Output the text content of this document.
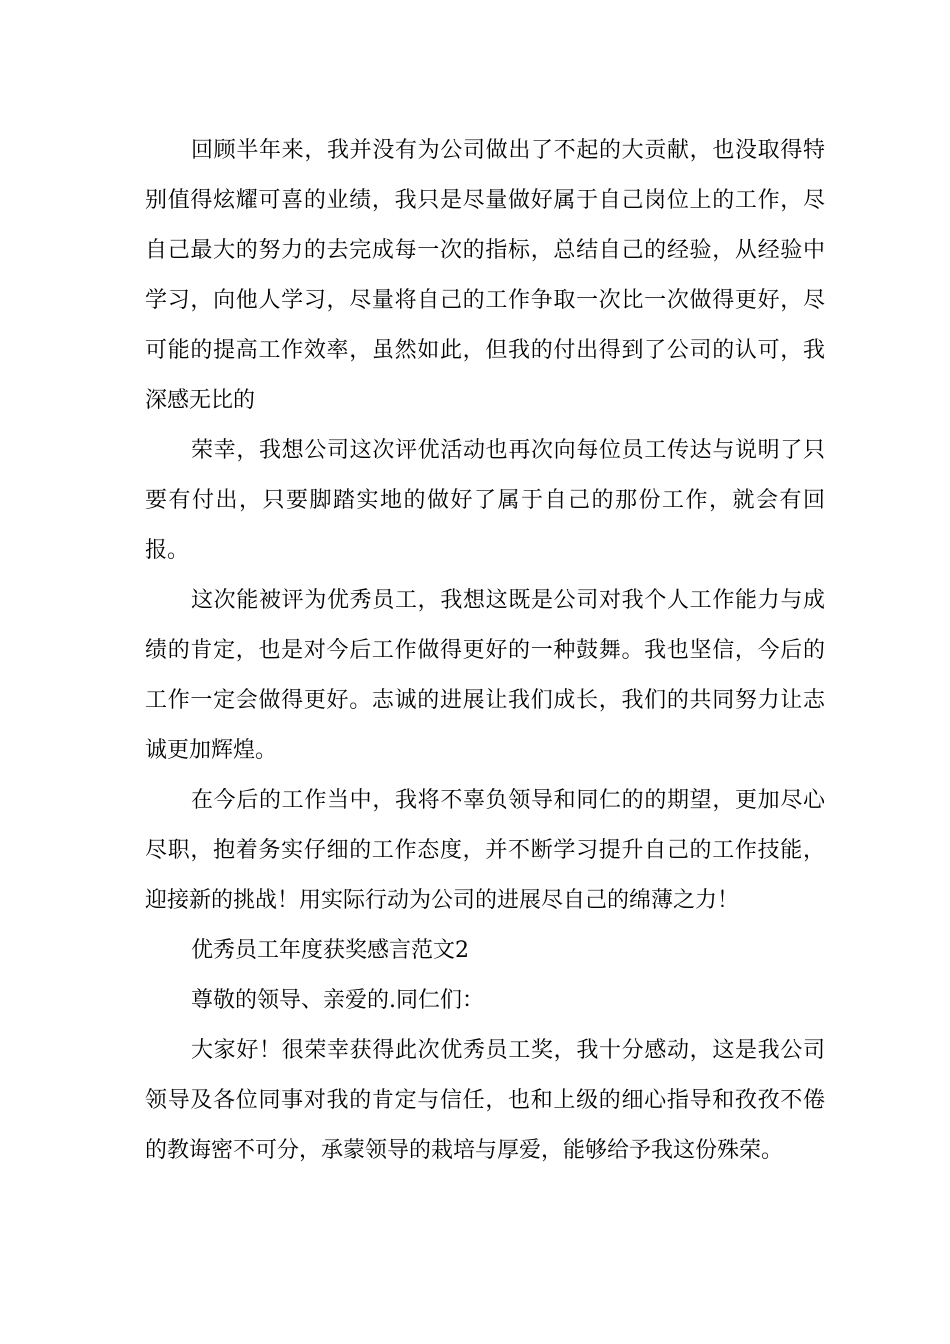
回顾半年来，我并没有为公司做出了不起的大贡献，也没取得特别值得炫耀可喜的业绩，我只是尽量做好属于自己岗位上的工作，尽自己最大的努力的去完成每一次的指标，总结自己的经验，从经验中学习，向他人学习，尽量将自己的工作争取一次比一次做得更好，尽可能的提高工作效率，虽然如此，但我的付出得到了公司的认可，我深感无比的

荣幸，我想公司这次评优活动也再次向每位员工传达与说明了只要有付出，只要脚踏实地的做好了属于自己的那份工作，就会有回报。

这次能被评为优秀员工，我想这既是公司对我个人工作能力与成绩的肯定，也是对今后工作做得更好的一种鼓舞。我也坚信，今后的工作一定会做得更好。志诚的进展让我们成长，我们的共同努力让志诚更加辉煌。

在今后的工作当中，我将不辜负领导和同仁的的期望，更加尽心尽职，抱着务实仔细的工作态度，并不断学习提升自己的工作技能，迎接新的挑战！用实际行动为公司的进展尽自己的绵薄之力！

优秀员工年度获奖感言范文2

尊敬的领导、亲爱的.同仁们：

大家好！很荣幸获得此次优秀员工奖，我十分感动，这是我公司领导及各位同事对我的肯定与信任，也和上级的细心指导和孜孜不倦的教诲密不可分，承蒙领导的栽培与厚爱，能够给予我这份殊荣。
